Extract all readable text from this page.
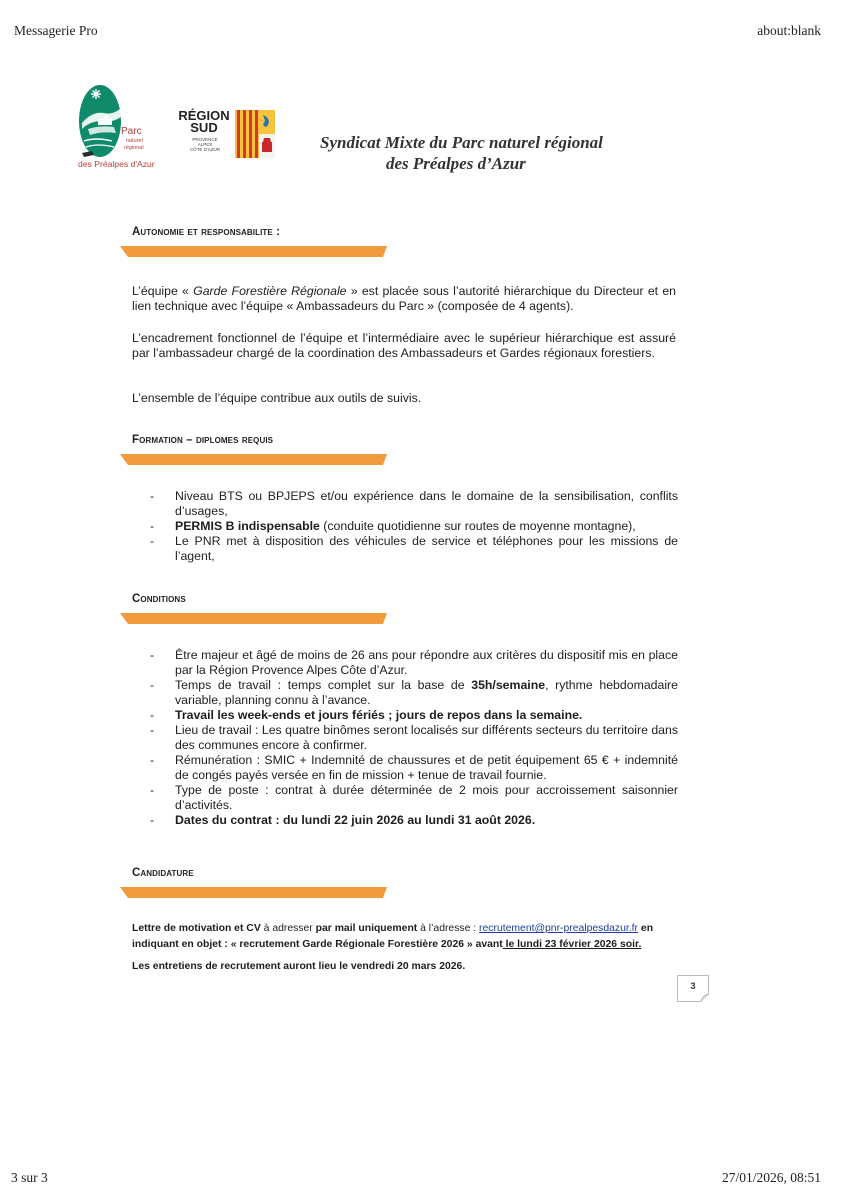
Messagerie Pro	about:blank
3 sur 3	27/01/2026, 08:51
Parc
naturel
régional
des Préalpes d'Azur
RÉGION
SUD
PROVENCE
ALPES
CÔTE D'AZUR	Syndicat Mixte du Parc naturel régional
des Préalpes d’Azur
Autonomie et responsabilite :
L’équipe « Garde Forestière Régionale » est placée sous l’autorité hiérarchique du Directeur et en lien technique avec l’équipe « Ambassadeurs du Parc » (composée de 4 agents).
L’encadrement fonctionnel de l’équipe et l’intermédiaire avec le supérieur hiérarchique est assuré par l’ambassadeur chargé de la coordination des Ambassadeurs et Gardes régionaux forestiers.
L’ensemble de l’équipe contribue aux outils de suivis.
Formation – diplomes requis
- Niveau BTS ou BPJEPS et/ou expérience dans le domaine de la sensibilisation, conflits d’usages,
- PERMIS B indispensable (conduite quotidienne sur routes de moyenne montagne),
- Le PNR met à disposition des véhicules de service et téléphones pour les missions de l’agent,
Conditions
- Être majeur et âgé de moins de 26 ans pour répondre aux critères du dispositif mis en place par la Région Provence Alpes Côte d’Azur.
- Temps de travail : temps complet sur la base de 35h/semaine, rythme hebdomadaire variable, planning connu à l’avance.
- Travail les week-ends et jours fériés ; jours de repos dans la semaine.
- Lieu de travail : Les quatre binômes seront localisés sur différents secteurs du territoire dans des communes encore à confirmer.
- Rémunération : SMIC + Indemnité de chaussures et de petit équipement 65 € + indemnité de congés payés versée en fin de mission + tenue de travail fournie.
- Type de poste : contrat à durée déterminée de 2 mois pour accroissement saisonnier d’activités.
- Dates du contrat : du lundi 22 juin 2026 au lundi 31 août 2026.
Candidature
Lettre de motivation et CV à adresser par mail uniquement à l’adresse : recrutement@pnr-prealpesdazur.fr en indiquant en objet : « recrutement Garde Régionale Forestière 2026 » avant le lundi 23 février 2026 soir.
Les entretiens de recrutement auront lieu le vendredi 20 mars 2026.
3
